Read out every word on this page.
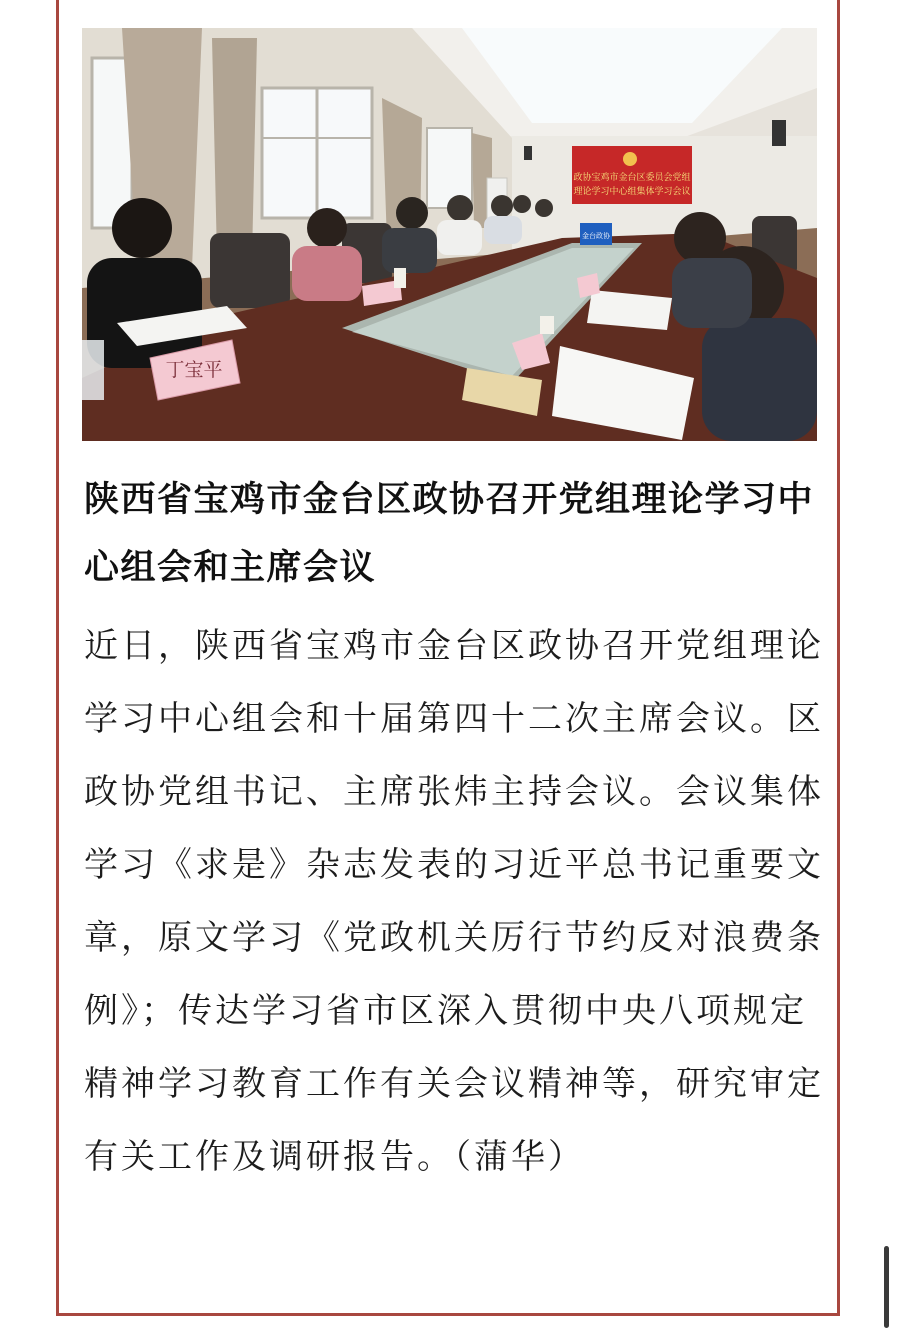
政协宝鸡市金台区委员会党组
理论学习中心组集体学习会议
丁宝平
金台政协

陕西省宝鸡市金台区政协召开党组理论学习中心组会和主席会议

近日，陕西省宝鸡市金台区政协召开党组理论学习中心组会和十届第四十二次主席会议。区政协党组书记、主席张炜主持会议。会议集体学习《求是》杂志发表的习近平总书记重要文章，原文学习《党政机关厉行节约反对浪费条例》；传达学习省市区深入贯彻中央八项规定精神学习教育工作有关会议精神等，研究审定有关工作及调研报告。（蒲华）
